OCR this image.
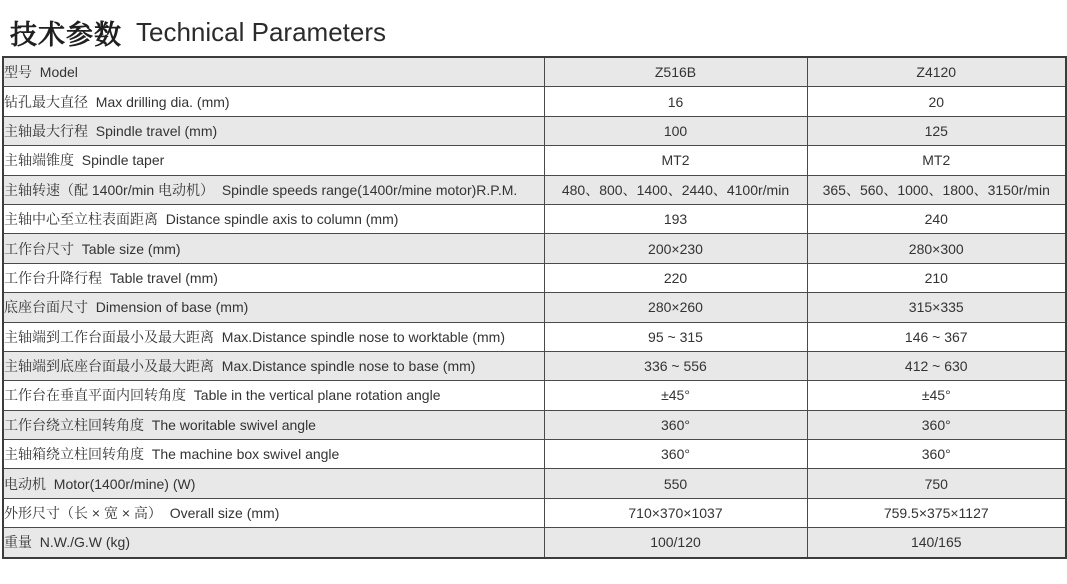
技术参数 Technical Parameters
型号  Model	Z516B	Z4120
钻孔最大直径  Max drilling dia. (mm)	16	20
主轴最大行程  Spindle travel (mm)	100	125
主轴端锥度  Spindle taper	MT2	MT2
主轴转速（配 1400r/min 电动机）  Spindle speeds range(1400r/mine motor)R.P.M.	480、800、1400、2440、4100r/min	365、560、1000、1800、3150r/min
主轴中心至立柱表面距离  Distance spindle axis to column (mm)	193	240
工作台尺寸  Table size (mm)	200×230	280×300
工作台升降行程  Table travel (mm)	220	210
底座台面尺寸  Dimension of base (mm)	280×260	315×335
主轴端到工作台面最小及最大距离  Max.Distance spindle nose to worktable (mm)	95 ~ 315	146 ~ 367
主轴端到底座台面最小及最大距离  Max.Distance spindle nose to base (mm)	336 ~ 556	412 ~ 630
工作台在垂直平面内回转角度  Table in the vertical plane rotation angle	±45°	±45°
工作台绕立柱回转角度  The woritable swivel angle	360°	360°
主轴箱绕立柱回转角度  The machine box swivel angle	360°	360°
电动机  Motor(1400r/mine) (W)	550	750
外形尺寸（长 × 宽 × 高）  Overall size (mm)	710×370×1037	759.5×375×1127
重量  N.W./G.W (kg)	100/120	140/165
